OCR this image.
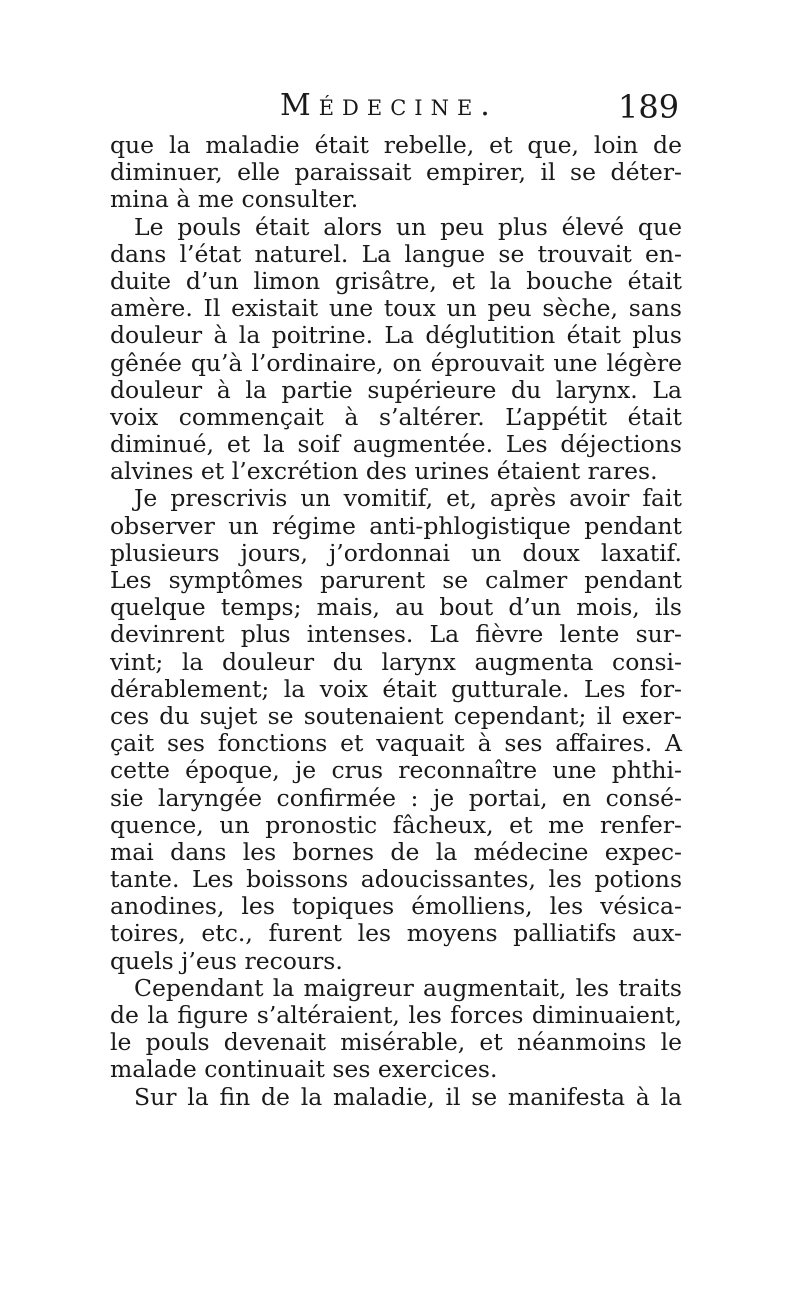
Médecine.	189
que la maladie était rebelle, et que, loin de
diminuer, elle paraissait empirer, il se déter-
mina à me consulter.
Le pouls était alors un peu plus élevé que
dans l’état naturel. La langue se trouvait en-
duite d’un limon grisâtre, et la bouche était
amère. Il existait une toux un peu sèche, sans
douleur à la poitrine. La déglutition était plus
gênée qu’à l’ordinaire, on éprouvait une légère
douleur à la partie supérieure du larynx. La
voix commençait à s’altérer. L’appétit était
diminué, et la soif augmentée. Les déjections
alvines et l’excrétion des urines étaient rares.
Je prescrivis un vomitif, et, après avoir fait
observer un régime anti-phlogistique pendant
plusieurs jours, j’ordonnai un doux laxatif.
Les symptômes parurent se calmer pendant
quelque temps; mais, au bout d’un mois, ils
devinrent plus intenses. La fièvre lente sur-
vint; la douleur du larynx augmenta consi-
dérablement; la voix était gutturale. Les for-
ces du sujet se soutenaient cependant; il exer-
çait ses fonctions et vaquait à ses affaires. A
cette époque, je crus reconnaître une phthi-
sie laryngée confirmée : je portai, en consé-
quence, un pronostic fâcheux, et me renfer-
mai dans les bornes de la médecine expec-
tante. Les boissons adoucissantes, les potions
anodines, les topiques émolliens, les vésica-
toires, etc., furent les moyens palliatifs aux-
quels j’eus recours.
Cependant la maigreur augmentait, les traits
de la figure s’altéraient, les forces diminuaient,
le pouls devenait misérable, et néanmoins le
malade continuait ses exercices.
Sur la fin de la maladie, il se manifesta à la
